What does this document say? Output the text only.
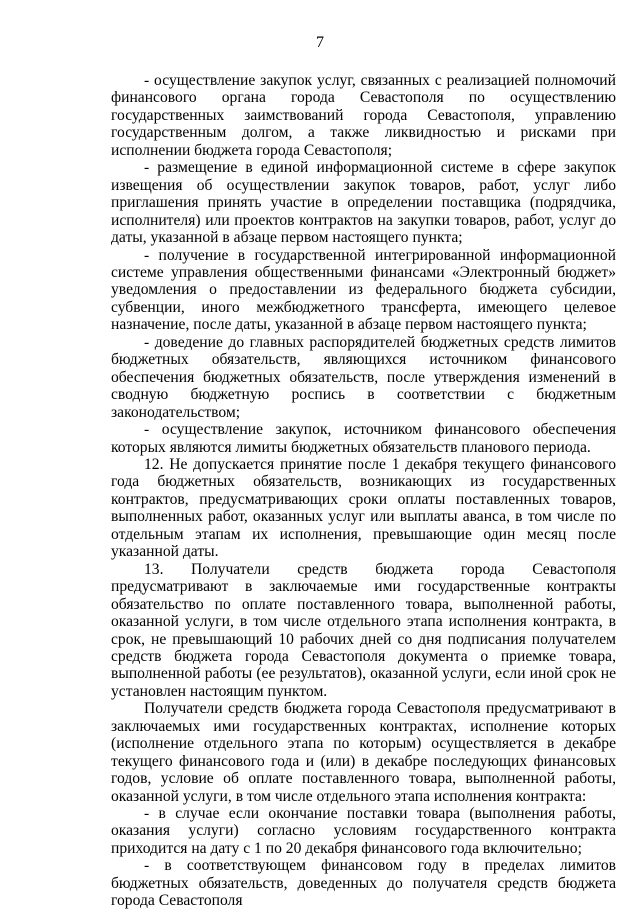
7

- осуществление закупок услуг, связанных с реализацией полномочий финансового органа города Севастополя по осуществлению государственных заимствований города Севастополя, управлению государственным долгом, а также ликвидностью и рисками при исполнении бюджета города Севастополя;

- размещение в единой информационной системе в сфере закупок извещения об осуществлении закупок товаров, работ, услуг либо приглашения принять участие в определении поставщика (подрядчика, исполнителя) или проектов контрактов на закупки товаров, работ, услуг до даты, указанной в абзаце первом настоящего пункта;

- получение в государственной интегрированной информационной системе управления общественными финансами «Электронный бюджет» уведомления о предоставлении из федерального бюджета субсидии, субвенции, иного межбюджетного трансферта, имеющего целевое назначение, после даты, указанной в абзаце первом настоящего пункта;

- доведение до главных распорядителей бюджетных средств лимитов бюджетных обязательств, являющихся источником финансового обеспечения бюджетных обязательств, после утверждения изменений в сводную бюджетную роспись в соответствии с бюджетным законодательством;

- осуществление закупок, источником финансового обеспечения которых являются лимиты бюджетных обязательств планового периода.

12. Не допускается принятие после 1 декабря текущего финансового года бюджетных обязательств, возникающих из государственных контрактов, предусматривающих сроки оплаты поставленных товаров, выполненных работ, оказанных услуг или выплаты аванса, в том числе по отдельным этапам их исполнения, превышающие один месяц после указанной даты.

13. Получатели средств бюджета города Севастополя предусматривают в заключаемые ими государственные контракты обязательство по оплате поставленного товара, выполненной работы, оказанной услуги, в том числе отдельного этапа исполнения контракта, в срок, не превышающий 10 рабочих дней со дня подписания получателем средств бюджета города Севастополя документа о приемке товара, выполненной работы (ее результатов), оказанной услуги, если иной срок не установлен настоящим пунктом.

Получатели средств бюджета города Севастополя предусматривают в заключаемых ими государственных контрактах, исполнение которых (исполнение отдельного этапа по которым) осуществляется в декабре текущего финансового года и (или) в декабре последующих финансовых годов, условие об оплате поставленного товара, выполненной работы, оказанной услуги, в том числе отдельного этапа исполнения контракта:

- в случае если окончание поставки товара (выполнения работы, оказания услуги) согласно условиям государственного контракта приходится на дату с 1 по 20 декабря финансового года включительно;

- в соответствующем финансовом году в пределах лимитов бюджетных обязательств, доведенных до получателя средств бюджета города Севастополя
